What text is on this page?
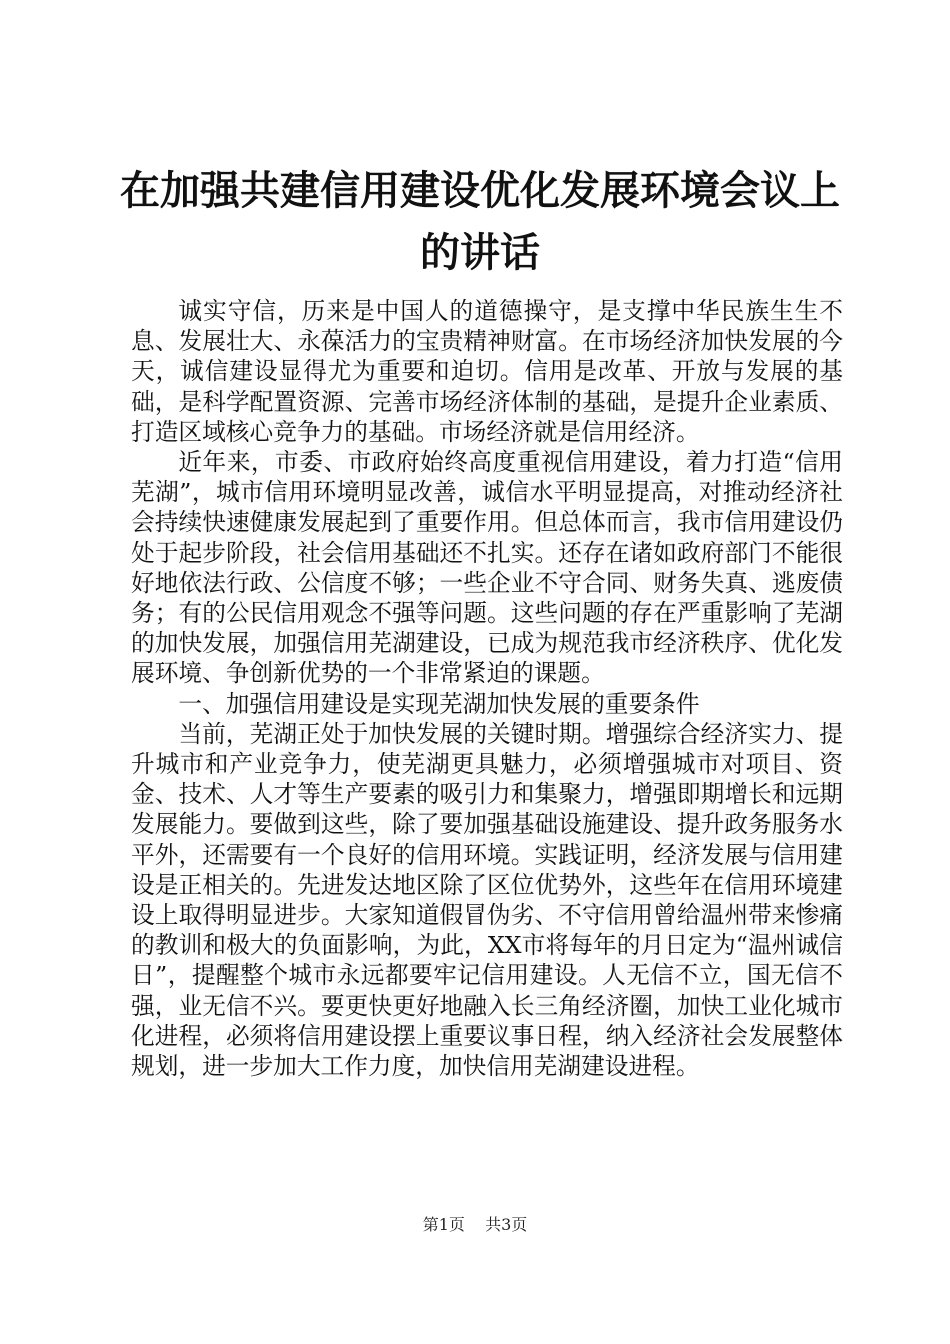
在加强共建信用建设优化发展环境会议上的讲话

诚实守信，历来是中国人的道德操守，是支撑中华民族生生不息、发展壮大、永葆活力的宝贵精神财富。在市场经济加快发展的今天，诚信建设显得尤为重要和迫切。信用是改革、开放与发展的基础，是科学配置资源、完善市场经济体制的基础，是提升企业素质、打造区域核心竞争力的基础。市场经济就是信用经济。

近年来，市委、市政府始终高度重视信用建设，着力打造“信用芜湖”，城市信用环境明显改善，诚信水平明显提高，对推动经济社会持续快速健康发展起到了重要作用。但总体而言，我市信用建设仍处于起步阶段，社会信用基础还不扎实。还存在诸如政府部门不能很好地依法行政、公信度不够；一些企业不守合同、财务失真、逃废债务；有的公民信用观念不强等问题。这些问题的存在严重影响了芜湖的加快发展，加强信用芜湖建设，已成为规范我市经济秩序、优化发展环境、争创新优势的一个非常紧迫的课题。

一、加强信用建设是实现芜湖加快发展的重要条件

当前，芜湖正处于加快发展的关键时期。增强综合经济实力、提升城市和产业竞争力，使芜湖更具魅力，必须增强城市对项目、资金、技术、人才等生产要素的吸引力和集聚力，增强即期增长和远期发展能力。要做到这些，除了要加强基础设施建设、提升政务服务水平外，还需要有一个良好的信用环境。实践证明，经济发展与信用建设是正相关的。先进发达地区除了区位优势外，这些年在信用环境建设上取得明显进步。大家知道假冒伪劣、不守信用曾给温州带来惨痛的教训和极大的负面影响，为此，XX市将每年的月日定为“温州诚信日”，提醒整个城市永远都要牢记信用建设。人无信不立，国无信不强，业无信不兴。要更快更好地融入长三角经济圈，加快工业化城市化进程，必须将信用建设摆上重要议事日程，纳入经济社会发展整体规划，进一步加大工作力度，加快信用芜湖建设进程。

第1页 共3页
